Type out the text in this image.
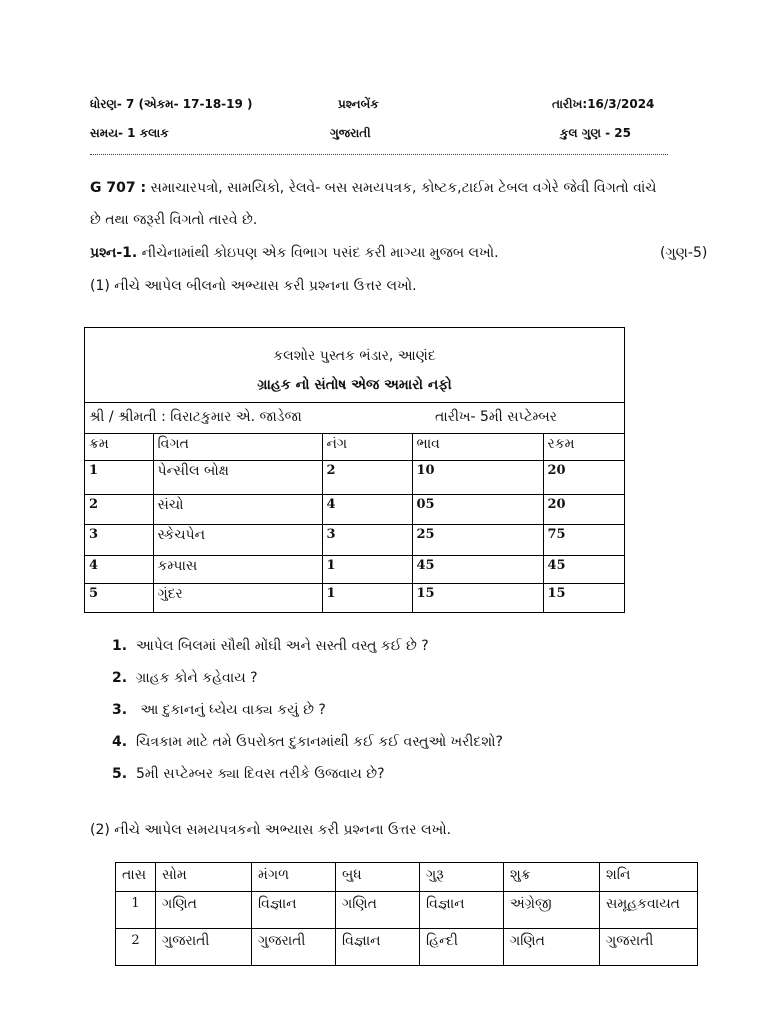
ધોરણ- 7 (એકમ- 17-18-19 )	પ્રશ્નબેંક	તારીખ:16/3/2024
સમય- 1 કલાક	ગુજરાતી	કુલ ગુણ - 25
G 707 : સમાચારપત્રો, સામયિકો, રેલવે- બસ સમયપત્રક, કોષ્ટક,ટાઈમ ટેબલ વગેરે જેવી વિગતો વાંચે
છે તથા જરૂરી વિગતો તારવે છે.
પ્રશ્ન-1. નીચેનામાંથી કોઇપણ એક વિભાગ પસંદ કરી માગ્યા મુજબ લખો.	(ગુણ-5)
(1) નીચે આપેલ બીલનો અભ્યાસ કરી પ્રશ્નના ઉત્તર લખો.
કલશોર પુસ્તક ભંડાર, આણંદ
ગ્રાહક નો સંતોષ એજ અમારો નફો
શ્રી / શ્રીમતી : વિરાટકુમાર એ. જાડેજા	તારીખ- 5મી સપ્ટેમ્બર
ક્રમ	વિગત	નંગ	ભાવ	રકમ
1	પેન્સીલ બોક્ષ	2	10	20
2	સંચો	4	05	20
3	સ્કેચપેન	3	25	75
4	કમ્પાસ	1	45	45
5	ગુંદર	1	15	15
1. આપેલ બિલમાં સૌથી મોંઘી અને સસ્તી વસ્તુ કઈ છે ?
2. ગ્રાહક કોને કહેવાય ?
3. આ દુકાનનું ધ્યેય વાક્ય કયું છે ?
4. ચિત્રકામ માટે તમે ઉપરોક્ત દુકાનમાંથી કઈ કઈ વસ્તુઓ ખરીદશો?
5. 5મી સપ્ટેમ્બર ક્યા દિવસ તરીકે ઉજવાય છે?
(2) નીચે આપેલ સમયપત્રકનો અભ્યાસ કરી પ્રશ્નના ઉત્તર લખો.
તાસ	સોમ	મંગળ	બુધ	ગુરૂ	શુક્ર	શનિ
1	ગણિત	વિજ્ઞાન	ગણિત	વિજ્ઞાન	અંગ્રેજી	સમૂહકવાયત
2	ગુજરાતી	ગુજરાતી	વિજ્ઞાન	હિન્દી	ગણિત	ગુજરાતી
